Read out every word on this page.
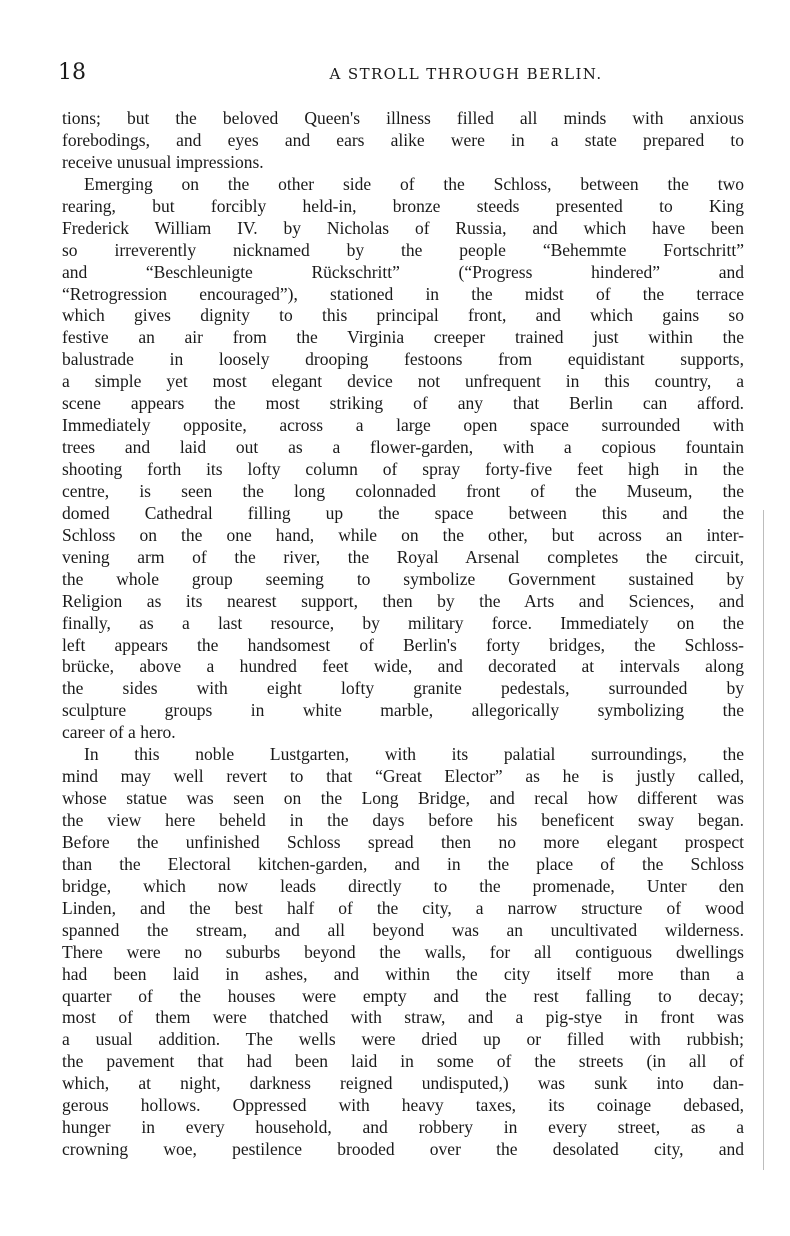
18	A STROLL THROUGH BERLIN.
tions; but the beloved Queen's illness filled all minds with anxious
forebodings, and eyes and ears alike were in a state prepared to
receive unusual impressions.
Emerging on the other side of the Schloss, between the two
rearing, but forcibly held-in, bronze steeds presented to King
Frederick William IV. by Nicholas of Russia, and which have been
so irreverently nicknamed by the people “Behemmte Fortschritt”
and “Beschleunigte Rückschritt” (“Progress hindered” and
“Retrogression encouraged”), stationed in the midst of the terrace
which gives dignity to this principal front, and which gains so
festive an air from the Virginia creeper trained just within the
balustrade in loosely drooping festoons from equidistant supports,
a simple yet most elegant device not unfrequent in this country, a
scene appears the most striking of any that Berlin can afford.
Immediately opposite, across a large open space surrounded with
trees and laid out as a flower-garden, with a copious fountain
shooting forth its lofty column of spray forty-five feet high in the
centre, is seen the long colonnaded front of the Museum, the
domed Cathedral filling up the space between this and the
Schloss on the one hand, while on the other, but across an inter-
vening arm of the river, the Royal Arsenal completes the circuit,
the whole group seeming to symbolize Government sustained by
Religion as its nearest support, then by the Arts and Sciences, and
finally, as a last resource, by military force. Immediately on the
left appears the handsomest of Berlin's forty bridges, the Schloss-
brücke, above a hundred feet wide, and decorated at intervals along
the sides with eight lofty granite pedestals, surrounded by
sculpture groups in white marble, allegorically symbolizing the
career of a hero.
In this noble Lustgarten, with its palatial surroundings, the
mind may well revert to that “Great Elector” as he is justly called,
whose statue was seen on the Long Bridge, and recal how different was
the view here beheld in the days before his beneficent sway began.
Before the unfinished Schloss spread then no more elegant prospect
than the Electoral kitchen-garden, and in the place of the Schloss
bridge, which now leads directly to the promenade, Unter den
Linden, and the best half of the city, a narrow structure of wood
spanned the stream, and all beyond was an uncultivated wilderness.
There were no suburbs beyond the walls, for all contiguous dwellings
had been laid in ashes, and within the city itself more than a
quarter of the houses were empty and the rest falling to decay;
most of them were thatched with straw, and a pig-stye in front was
a usual addition. The wells were dried up or filled with rubbish;
the pavement that had been laid in some of the streets (in all of
which, at night, darkness reigned undisputed,) was sunk into dan-
gerous hollows. Oppressed with heavy taxes, its coinage debased,
hunger in every household, and robbery in every street, as a
crowning woe, pestilence brooded over the desolated city, and
